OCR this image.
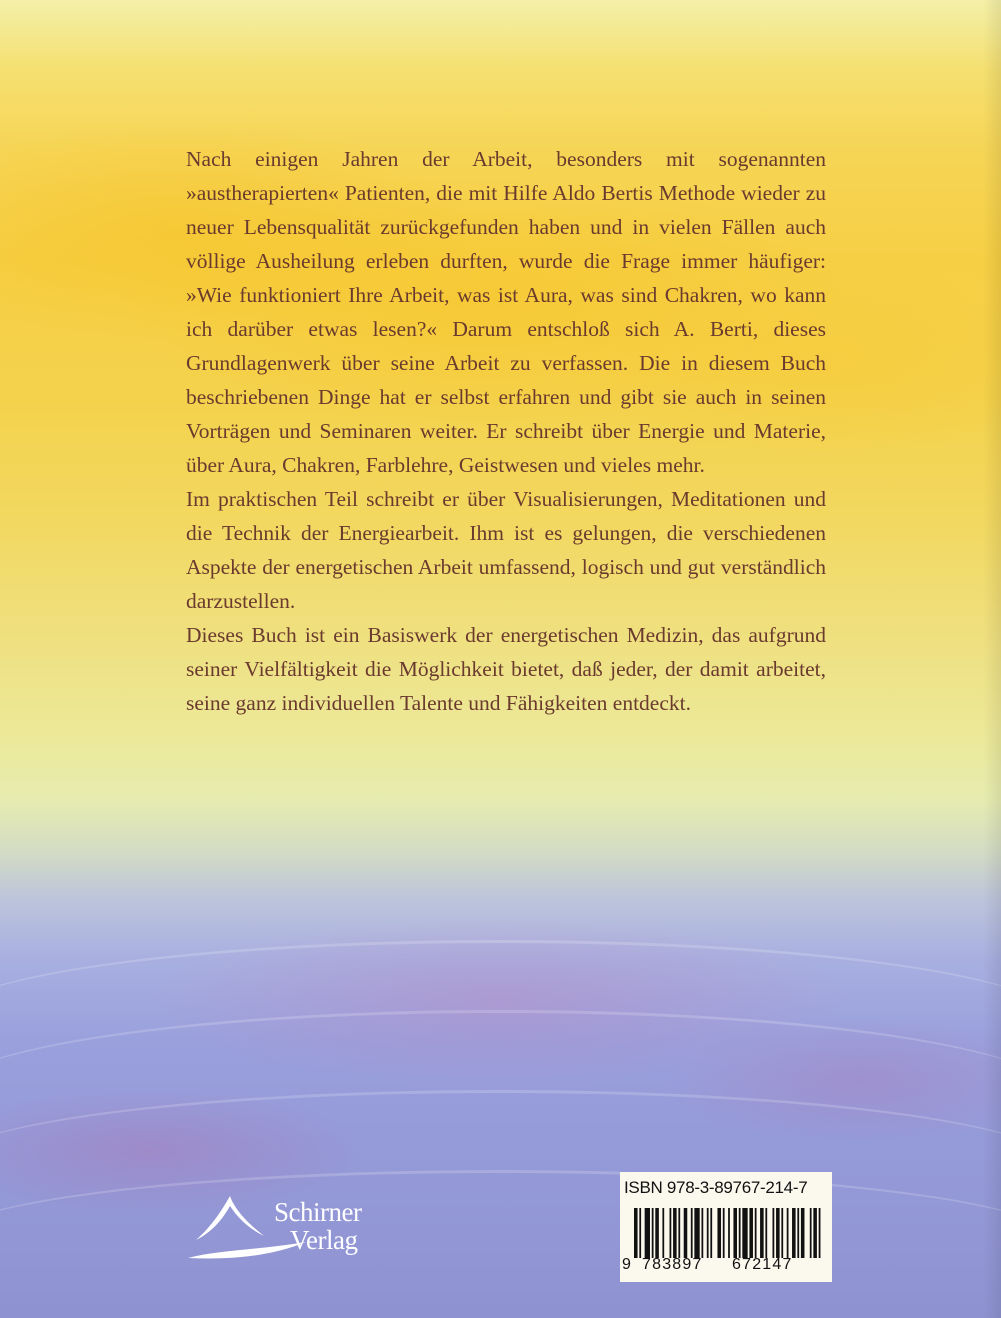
Nach einigen Jahren der Arbeit, besonders mit sogenannten »austherapierten« Patienten, die mit Hilfe Aldo Bertis Methode wieder zu neuer Lebensqualität zurückgefunden haben und in vielen Fällen auch völlige Ausheilung erleben durften, wurde die Frage immer häufiger: »Wie funktioniert Ihre Arbeit, was ist Aura, was sind Chakren, wo kann ich darüber etwas lesen?« Darum entschloß sich A. Berti, dieses Grundlagenwerk über seine Arbeit zu verfassen. Die in diesem Buch beschriebenen Dinge hat er selbst erfahren und gibt sie auch in seinen Vorträgen und Seminaren weiter. Er schreibt über Energie und Materie, über Aura, Chakren, Farblehre, Geistwesen und vieles mehr.

Im praktischen Teil schreibt er über Visualisierungen, Meditationen und die Technik der Energiearbeit. Ihm ist es gelungen, die verschiedenen Aspekte der energetischen Arbeit umfassend, logisch und gut verständlich darzustellen.

Dieses Buch ist ein Basiswerk der energetischen Medizin, das aufgrund seiner Vielfältigkeit die Möglichkeit bietet, daß jeder, der damit arbeitet, seine ganz individuellen Talente und Fähigkeiten entdeckt.

Schirner
Verlag
ISBN 978-3-89767-214-7
9 783897 672147
